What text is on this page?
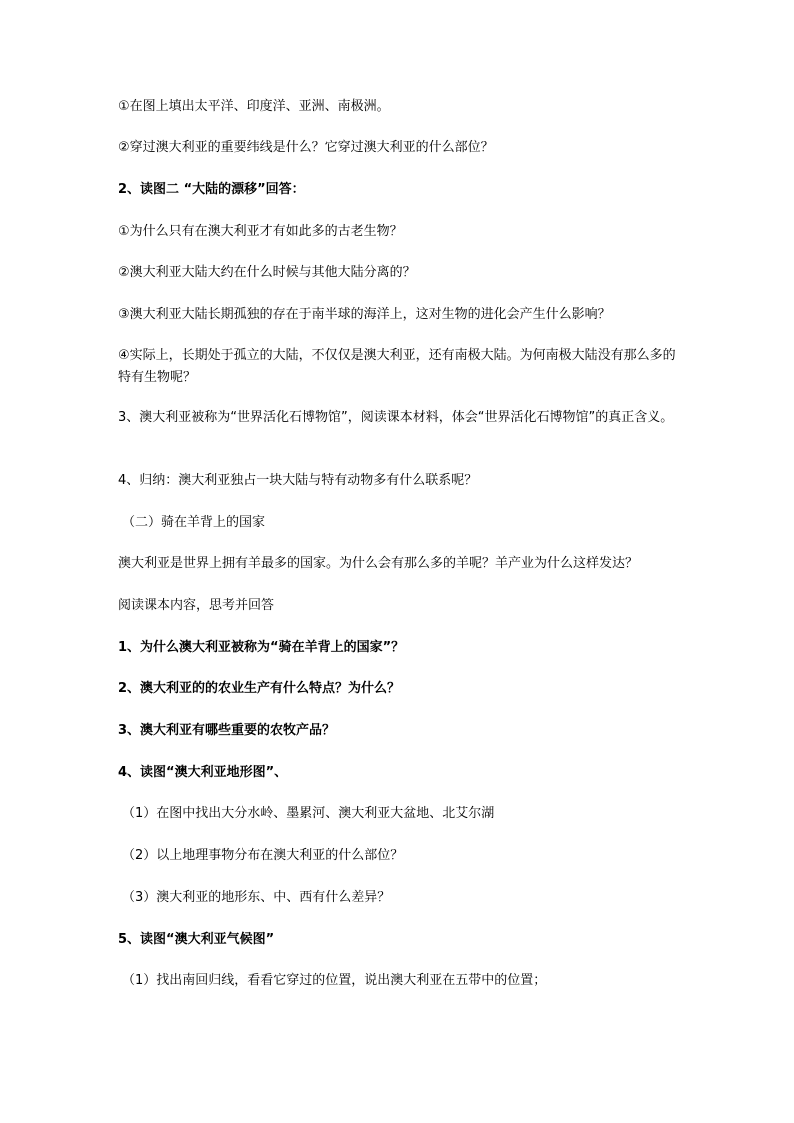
①在图上填出太平洋、印度洋、亚洲、南极洲。
②穿过澳大利亚的重要纬线是什么？它穿过澳大利亚的什么部位？
2、读图二 “大陆的漂移”回答：
①为什么只有在澳大利亚才有如此多的古老生物？
②澳大利亚大陆大约在什么时候与其他大陆分离的？
③澳大利亚大陆长期孤独的存在于南半球的海洋上，这对生物的进化会产生什么影响？
④实际上，长期处于孤立的大陆，不仅仅是澳大利亚，还有南极大陆。为何南极大陆没有那么多的特有生物呢？
3、澳大利亚被称为“世界活化石博物馆”，阅读课本材料，体会“世界活化石博物馆”的真正含义。
4、归纳：澳大利亚独占一块大陆与特有动物多有什么联系呢？
（二）骑在羊背上的国家
澳大利亚是世界上拥有羊最多的国家。为什么会有那么多的羊呢？羊产业为什么这样发达？
阅读课本内容，思考并回答
1、为什么澳大利亚被称为“骑在羊背上的国家”？
2、澳大利亚的的农业生产有什么特点？为什么？
3、澳大利亚有哪些重要的农牧产品？
4、读图“澳大利亚地形图”、
（1）在图中找出大分水岭、墨累河、澳大利亚大盆地、北艾尔湖
（2）以上地理事物分布在澳大利亚的什么部位？
（3）澳大利亚的地形东、中、西有什么差异？
5、读图“澳大利亚气候图”
（1）找出南回归线，看看它穿过的位置，说出澳大利亚在五带中的位置；
